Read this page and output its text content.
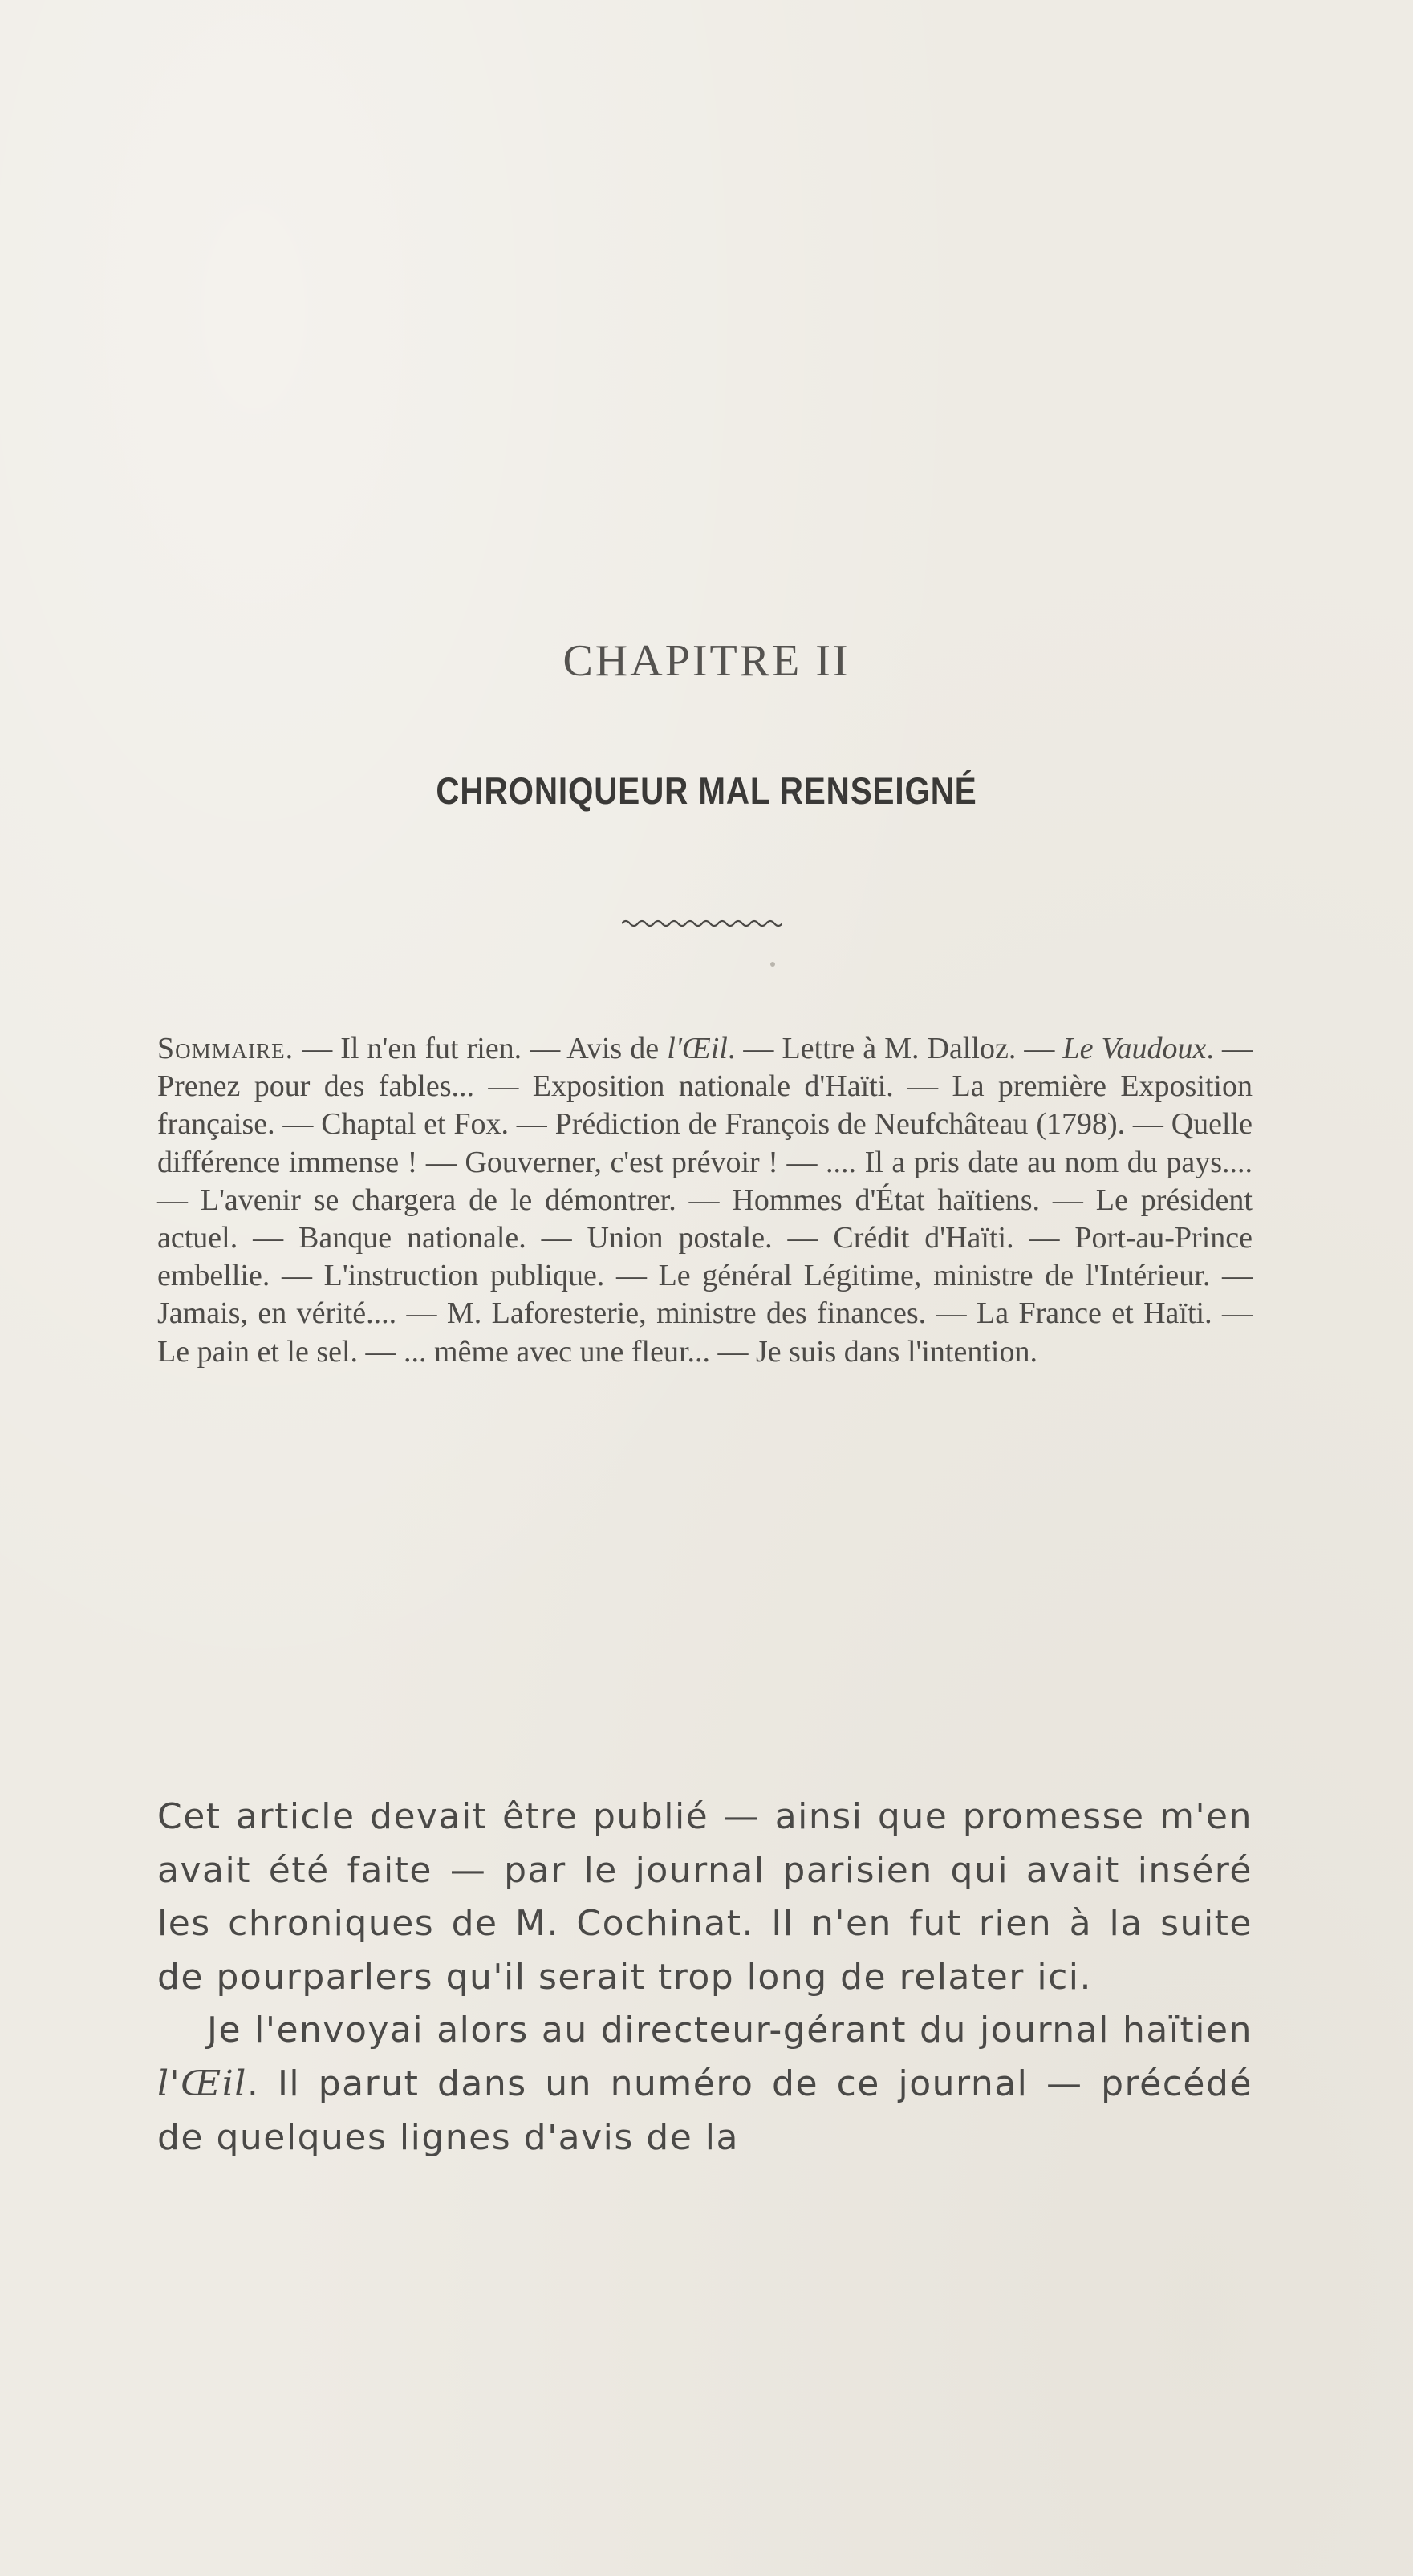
CHAPITRE II
CHRONIQUEUR MAL RENSEIGNÉ

Sommaire. — Il n'en fut rien. — Avis de l'Œil. — Lettre à M. Dalloz. — Le Vaudoux. — Prenez pour des fables... — Exposition nationale d'Haïti. — La première Exposition française. — Chaptal et Fox. — Prédiction de François de Neufchâteau (1798). — Quelle différence immense ! — Gouverner, c'est prévoir ! — .... Il a pris date au nom du pays.... — L'avenir se chargera de le démontrer. — Hommes d'État haïtiens. — Le président actuel. — Banque nationale. — Union postale. — Crédit d'Haïti. — Port-au-Prince embellie. — L'instruction publique. — Le général Légitime, ministre de l'Intérieur. — Jamais, en vérité.... — M. Laforesterie, ministre des finances. — La France et Haïti. — Le pain et le sel. — ... même avec une fleur... — Je suis dans l'intention.

Cet article devait être publié — ainsi que promesse m'en avait été faite — par le journal parisien qui avait inséré les chroniques de M. Cochinat. Il n'en fut rien à la suite de pourparlers qu'il serait trop long de relater ici.

Je l'envoyai alors au directeur-gérant du journal haïtien l'Œil. Il parut dans un numéro de ce journal — précédé de quelques lignes d'avis de la
